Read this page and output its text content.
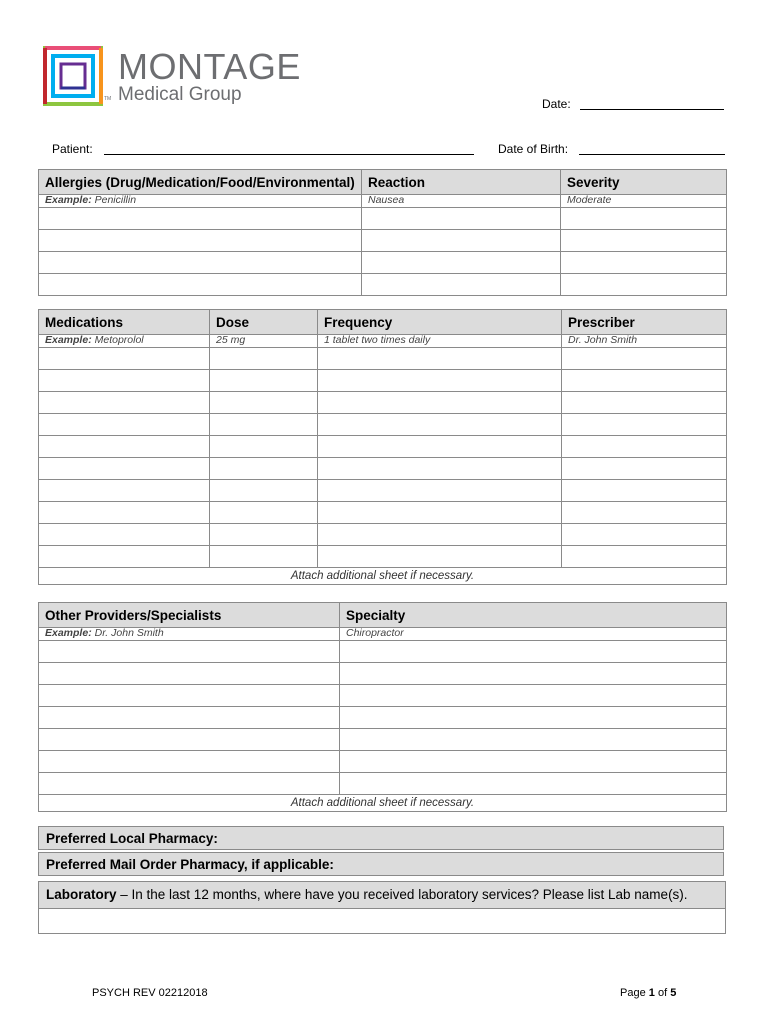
MONTAGE
Medical Group
TM	Date:
Patient:	Date of Birth:
Allergies (Drug/Medication/Food/Environmental)	Reaction	Severity
Example: Penicillin	Nausea	Moderate

Medications	Dose	Frequency	Prescriber
Example: Metoprolol	25 mg	1 tablet two times daily	Dr. John Smith

Attach additional sheet if necessary.			
Other Providers/Specialists	Specialty
Example: Dr. John Smith	Chiropractor

Attach additional sheet if necessary.	
Preferred Local Pharmacy:
Preferred Mail Order Pharmacy, if applicable:
Laboratory – In the last 12 months, where have you received laboratory services? Please list Lab name(s).
PSYCH REV 02212018	Page 1 of 5
